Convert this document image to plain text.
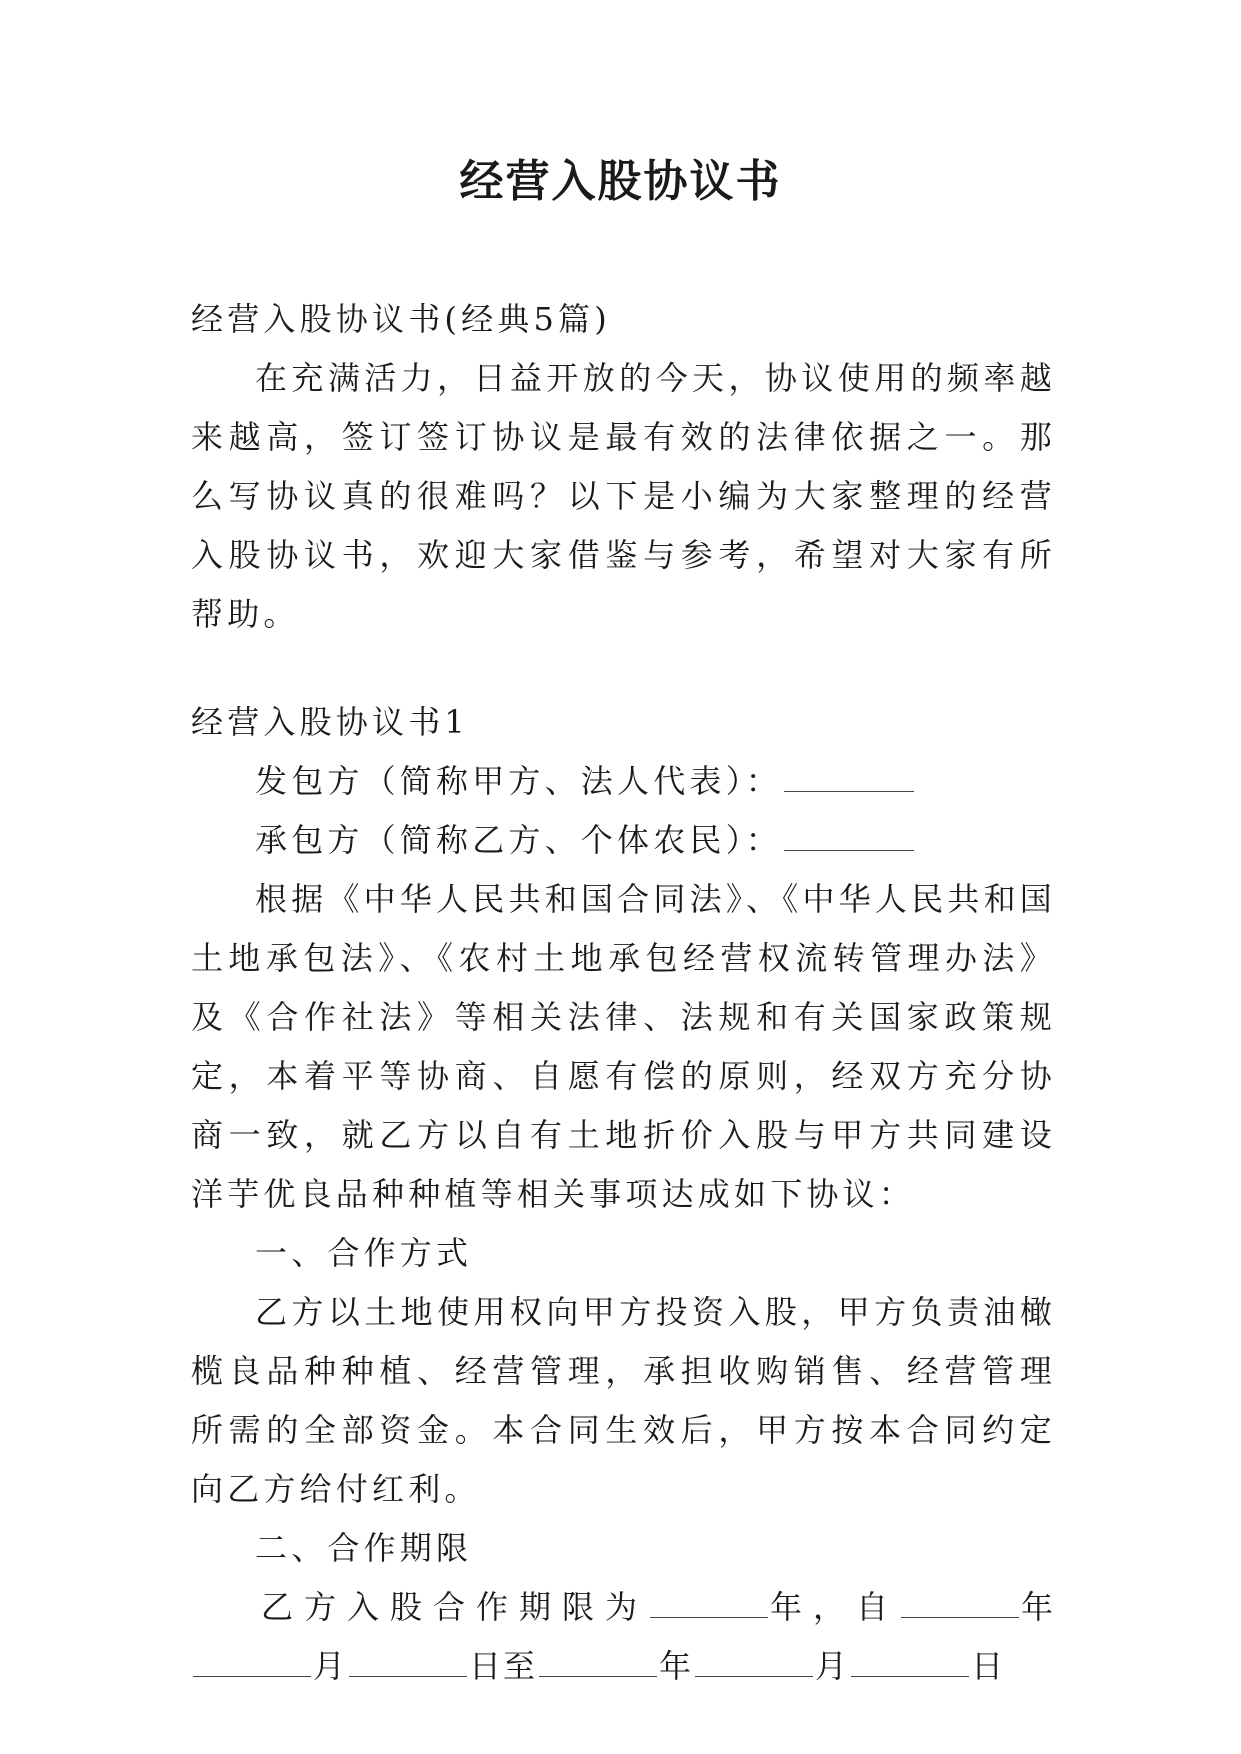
经营入股协议书

经营入股协议书(经典5篇)

在充满活力，日益开放的今天，协议使用的频率越来越高，签订签订协议是最有效的法律依据之一。那么写协议真的很难吗？以下是小编为大家整理的经营入股协议书，欢迎大家借鉴与参考，希望对大家有所帮助。

经营入股协议书1

发包方（简称甲方、法人代表）：

承包方（简称乙方、个体农民）：

根据《中华人民共和国合同法》、《中华人民共和国土地承包法》、《农村土地承包经营权流转管理办法》及《合作社法》等相关法律、法规和有关国家政策规定，本着平等协商、自愿有偿的原则，经双方充分协商一致，就乙方以自有土地折价入股与甲方共同建设洋芋优良品种种植等相关事项达成如下协议：

一、合作方式

乙方以土地使用权向甲方投资入股，甲方负责油橄榄良品种种植、经营管理，承担收购销售、经营管理所需的全部资金。本合同生效后，甲方按本合同约定向乙方给付红利。

二、合作期限

乙方入股合作期限为	年，自	年

月	日至	年	月	日
